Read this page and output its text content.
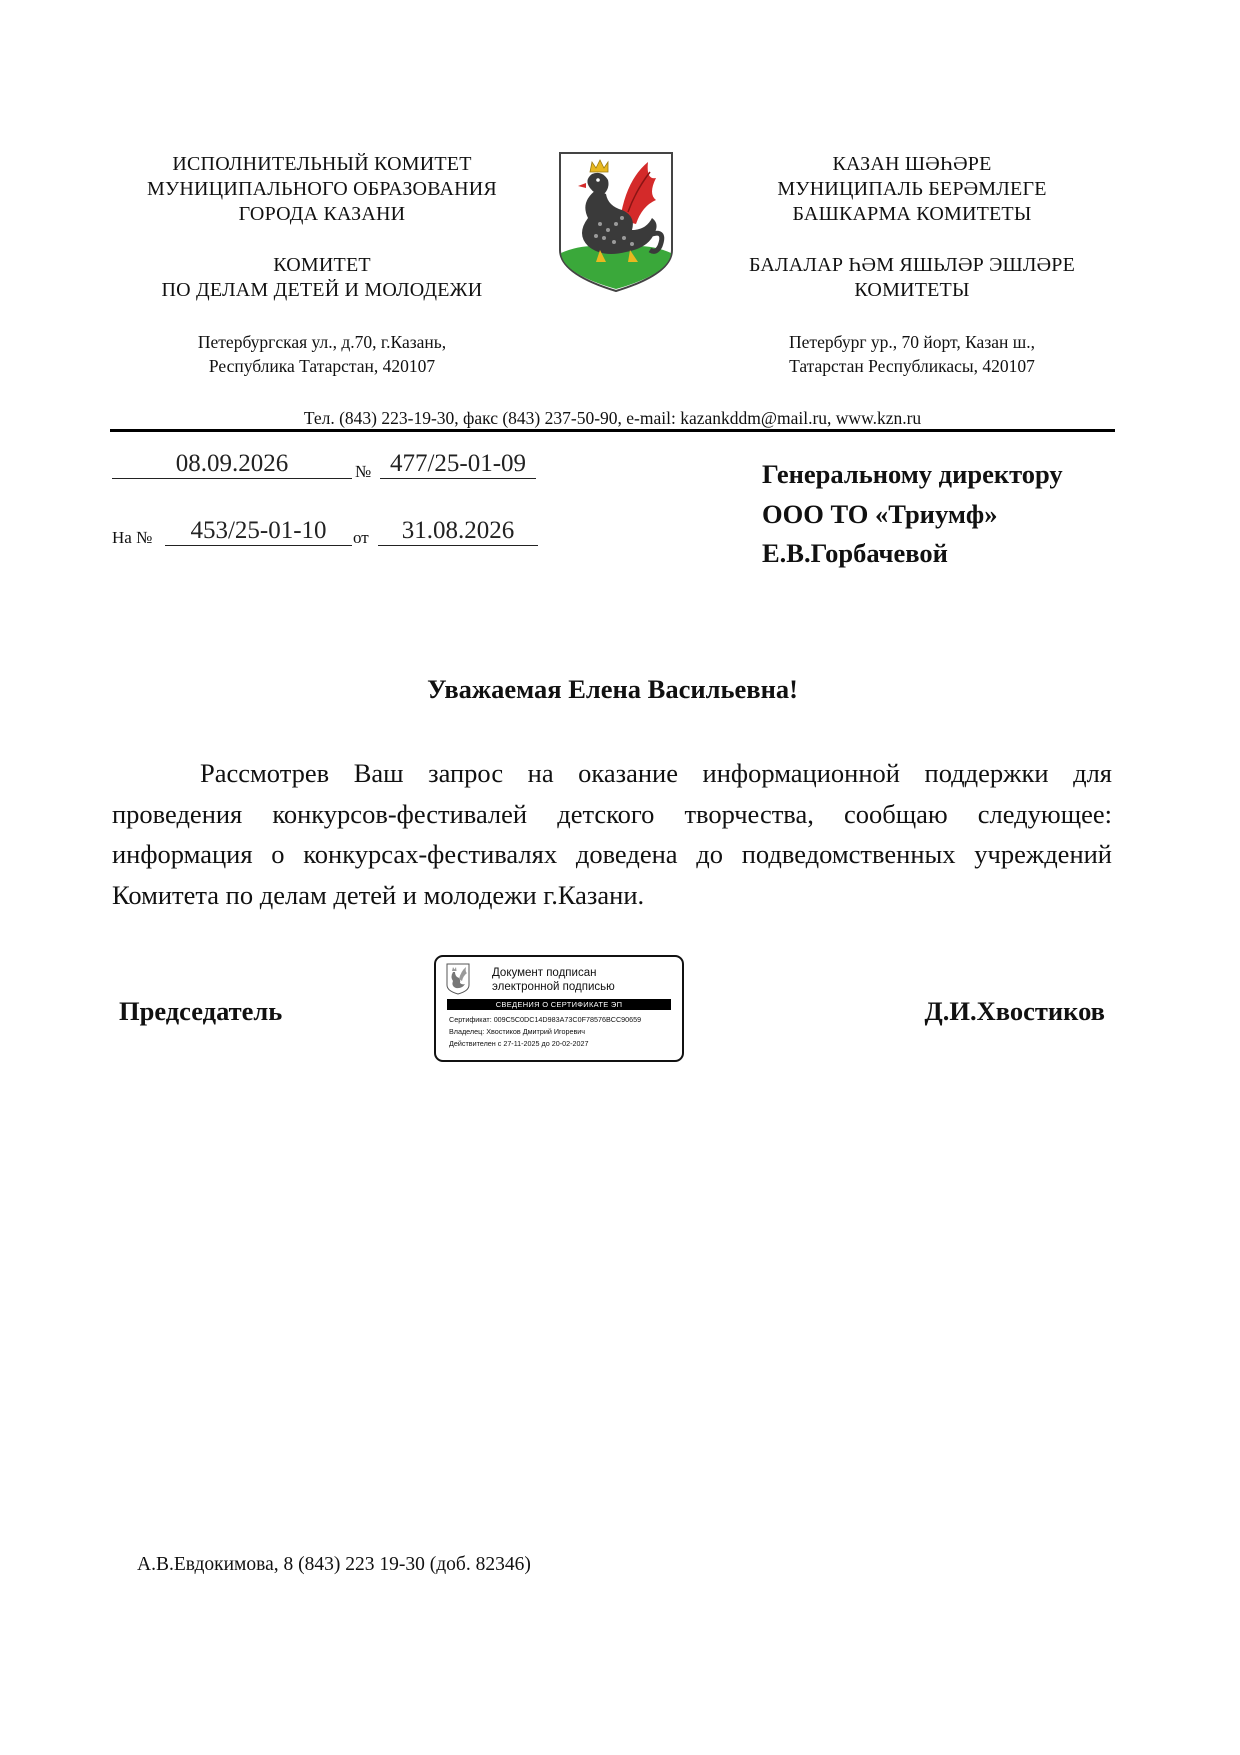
ИСПОЛНИТЕЛЬНЫЙ КОМИТЕТ
МУНИЦИПАЛЬНОГО ОБРАЗОВАНИЯ
ГОРОДА КАЗАНИ
КОМИТЕТ
ПО ДЕЛАМ ДЕТЕЙ И МОЛОДЕЖИ
Петербургская ул., д.70, г.Казань,
Республика Татарстан, 420107
КАЗАН ШӘҺӘРЕ
МУНИЦИПАЛЬ БЕРӘМЛЕГЕ
БАШКАРМА КОМИТЕТЫ
БАЛАЛАР ҺӘМ ЯШЬЛӘР ЭШЛӘРЕ
КОМИТЕТЫ
Петербург ур., 70 йорт, Казан ш.,
Татарстан Республикасы, 420107
Тел. (843) 223-19-30, факс (843) 237-50-90, e-mail: kazankddm@mail.ru, www.kzn.ru
08.09.2026	№ 477/25-01-09
На №	453/25-01-10	от	31.08.2026
Генеральному директору
ООО ТО «Триумф»
Е.В.Горбачевой
Уважаемая Елена Васильевна!
Рассмотрев Ваш запрос на оказание информационной поддержки для проведения конкурсов-фестивалей детского творчества, сообщаю следующее: информация о конкурсах-фестивалях доведена до подведомственных учреждений Комитета по делам детей и молодежи г.Казани.
Председатель
Документ подписан
электронной подписью
СВЕДЕНИЯ О СЕРТИФИКАТЕ ЭП
Сертификат: 009C5C0DC14D983A73C0F78576BCC90659
Владелец: Хвостиков Дмитрий Игоревич
Действителен с 27-11-2025 до 20-02-2027
Д.И.Хвостиков
А.В.Евдокимова, 8 (843) 223 19-30 (доб. 82346)
